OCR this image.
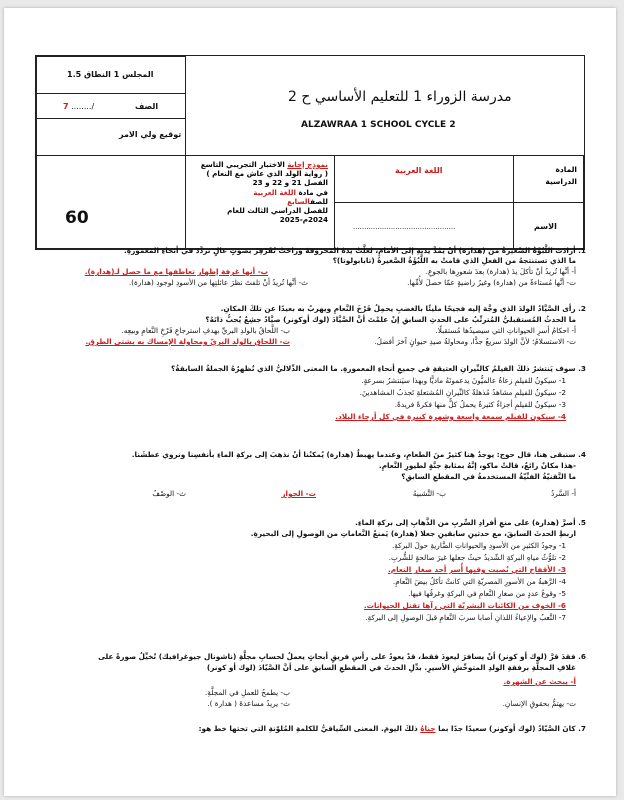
المجلس 1 النطاق 1.5
الصف
7 ......../
توقيع ولي الامر
60
مدرسة الزوراء 1 للتعليم الأساسي ح 2
ALZAWRAA 1 SCHOOL CYCLE 2
نموذج إجابة الاختبار التجريبي التاسع
( رواية الولد الذي عاش مع النعام )
الفصل 21 و 22 و 23
في مادة اللغة العربية
للصفالسابع
للفصل الدراسي الثالث للعام
2024م-2025
اللغة العربية	المادة الدراسية
..............................................	الاسم
1. أرادت اللَّبُؤَةُ الصَّغيرةُ من (هدارة) أنْ يَمُدَّ يديهِ إلى الأمامِ، لعلَّتْ يدَهُ المحروقةَ وراحَتْ تُقَرْقِرُ بصوتٍ عالٍ تردَّدَ في أنحاءِ المعمورةِ.
ما الذي تستنتجهُ من الفعلِ الذي قامتْ به اللَّبُؤَةُ الصَّغيرةُ (تابابولوتا)؟
أ- أنَّها تُريدُ أنْ تأكلَ يدَ (هدارة) بعدَ شعورِها بالجوعِ.
ب- أنها غرفة إظهار تعاطفها مع ما حصل لـ(هدارة).
ت- أنَّها مُستاءةٌ من (هدارة) وغيرُ راضيةٍ عمّا حصلَ لأُمِّها.
ث- أنَّها تُريدُ أنْ تلفتَ نظرَ عائلتِها من الأسودِ لوجودِ (هدارة).
2. رأى الصَّيَّادُ الولدَ الذي وجَّهَ إليه فجيحًا مليئًا بالغضبِ يحمِلُ فَرْخَ النَّعامِ ويهربُ به بعيدًا عن تلكَ المكانِ.
ما الحدثُ المُستقبليُّ المُترتِّبُ على الحدثِ السابقِ إنْ علمْتَ أنَّ الصَّيَّادَ (لوك أوكونر) صيَّادٌ جشِعٌ يُحبُّ ذاتَهُ؟
أ- احكامُ أسرِ الحيواناتِ التي سيصيدُها مُستقبلًا.
ب- اللَّحاقُ بالولدِ البريِّ بهدفِ استرجاعِ فَرْخِ النَّعامِ وبيعِه.
ت- الاستسلامُ؛ لأنَّ الولدَ سريعٌ جدًّا، ومحاولةُ صيدِ حيوانٍ آخرَ أفضلُ.
ث- اللحاق بالولد البريّ ومحاولة الإمساك به بشتى الطرق.
3. سوف يَنتشرُ ذلكَ الفيلمُ كالنِّيرانِ العتيقةِ في جميعِ أنحاءِ المعمورةِ. ما المعنى الدِّلاليُّ الذي تُظهرُهُ الجملةُ السابقةُ؟
1- سيكونُ للفيلمِ زعاةُ عالميُّونَ يدعمونَهُ ماديًّا وبهذا سيَنتشرُ بسرعةٍ.
2- سيكونُ للفيلمِ مشاهدُ مُذهلةٌ كالنِّيرانِ المُشتعلةِ تَجذبُ المشاهدينَ.
3- سيكونُ للفيلمِ أجزاءٌ كثيرةٌ يحملُ كلٌّ منها فكرةً فريدةً.
4- سيكون للفيلم سمعة واسعة وشهرة كبيرة في كل أرجاء البلاد.
4. سنبقى هنا، قال حوج: يوجدُ هنا كثيرٌ منَ الطعامِ، وعندما يهبطُ (هدارة) يُمكنُنا أنْ نذهبَ إلى بركةِ الماءِ بأنفسِنا ونروي عطشَنا.
-هذا مكانٌ رائعٌ، قالتْ ماكو، إنَّهُ بمثابةِ جنَّةٍ لطيورِ النَّعامِ.
ما التَّقنيّةُ الفنِّيّةُ المستخدمةُ في المقطعِ السابقِ؟
أ- السَّردُ
ب- التَّشبيهُ
ت- الحوار
ث- الوصْفُ
5. أصرَّ (هدارة) على منعِ أفرادِ السِّربِ من الذَّهابِ إلى بركةِ الماءِ.
اربطِ الحدثَ السابقَ، مع حدثينِ سابقينِ جعلا (هدارة) يَمنعُ النَّعاماتِ من الوصولِ إلى البحيرةِ.
1- وجودُ الكثيرِ من الأسودِ والحيواناتِ الضَّاريةِ حولَ البركةِ.
2- تلوُّثُ مياهِ البركةِ الشّديدُ حيثُ جعلها غيرَ صالحةٍ للشُّربِ.
3- الأقفاخ التي نُصبت وقيها أُسر أحد صغار النعام.
4- الرَّهبةُ من الأسورِ المصريّةِ التي كانتْ تأكلُ بيضَ النَّعامِ.
5- وقوعُ عددٍ من صغارِ النَّعامِ في البركةِ وغرقُها فيها.
6- الخوف من الكائنات البشريّة التي رآها تقتل الحيوانات.
7- التَّعبُ والإعياءُ اللذانِ أصابا سربَ النَّعامِ قبلَ الوصولِ إلى البركةِ.
6. فقدَ قرَّ (لوك أو كونر) أنْ يسافرَ ليعودَ فقط، قدْ يعودُ على رأسِ فريقٍ أبحاثٍ يعملُ لحسابِ مجلَّةِ (ناشونال جيوغرافيك) تُخيِّلُ صورةً على
غلافِ المجلَّةِ برفقةِ الولدِ المتوحِّشِ الأسيرِ. بدِّلِ الحدثَ في المقطعِ السابقِ على أنَّ الصَّيّادَ (لوك أو كونر)
أ- يبحث عن الشهرة.
ب- يطمحُ للعملِ في المجلَّةِ.
ت- يهتمُّ بحقوقِ الإنسانِ.
ث- يريدُ مساعدةَ ( هدارة ).
7. كانَ الصَّيّادُ (لوك أوكونر) سعيدًا جدًا بما جناهُ ذلكَ اليومَ. المعنى السِّياقيُّ للكلمةِ المُلوّنةِ التي تحتها خط هو:
